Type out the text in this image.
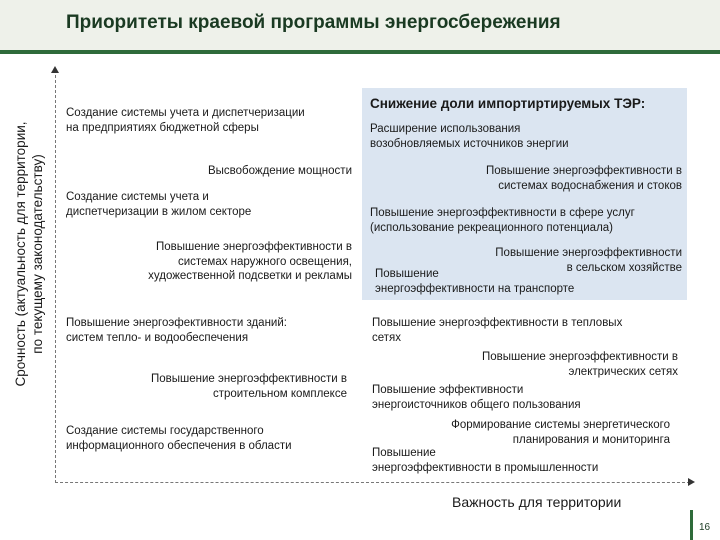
Приоритеты краевой программы энергосбережения
Снижение доли импортиртируемых ТЭР:
Срочность (актуальность для территории, по текущему законодательству)
Важность для территории
Создание системы учета и диспетчеризации
на предприятиях бюджетной сферы
Высвобождение мощности
Создание системы учета и
диспетчеризации в жилом секторе
Повышение энергоэффективности в
системах наружного освещения,
художественной подсветки и рекламы
Повышение энергоэфективности зданий:
систем тепло- и водообеспечения
Повышение энергоэффективности в
строительном комплексе
Создание системы государственного
информационного обеспечения в области
Расширение использования
возобновляемых источников энергии
Повышение энергоэффективности в
системах водоснабжения и стоков
Повышение энергоэффективности в сфере услуг
(использование рекреационного потенциала)
Повышение энергоэффективности
в сельском хозяйстве
Повышение
энергоэффективности на транспорте
Повышение энергоэффективности в тепловых
сетях
Повышение энергоэффективности в
электрических сетях
Повышение эффективности
энергоисточников общего пользования
Формирование системы энергетического
планирования и мониторинга
Повышение
энергоэффективности в промышленности
16
